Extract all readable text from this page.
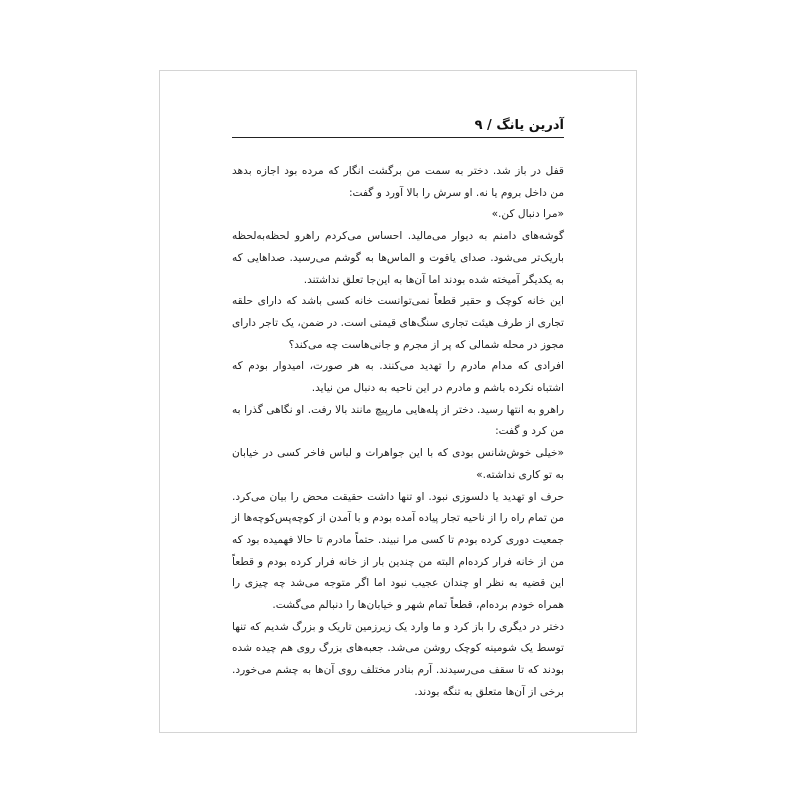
آدرین یانگ / ۹

قفل در باز شد. دختر به سمت من برگشت انگار که مرده بود اجازه بدهد من داخل بروم یا نه. او سرش را بالا آورد و گفت:

«مرا دنبال کن.»

گوشه‌های دامنم به دیوار می‌مالید. احساس می‌کردم راهرو لحظه‌به‌لحظه باریک‌تر می‌شود. صدای یاقوت و الماس‌ها به گوشم می‌رسید. صداهایی که به یکدیگر آمیخته شده بودند اما آن‌ها به این‌جا تعلق نداشتند.

این خانه کوچک و حقیر قطعاً نمی‌توانست خانه کسی باشد که دارای حلقه تجاری از طرف هیئت تجاری سنگ‌های قیمتی است. در ضمن، یک تاجر دارای مجوز در محله شمالی که پر از مجرم و جانی‌هاست چه می‌کند؟

افرادی که مدام مادرم را تهدید می‌کنند. به هر صورت، امیدوار بودم که اشتباه نکرده باشم و مادرم در این ناحیه به دنبال من نیاید.

راهرو به انتها رسید. دختر از پله‌هایی مارپیچ مانند بالا رفت. او نگاهی گذرا به من کرد و گفت:

«خیلی خوش‌شانس بودی که با این جواهرات و لباس فاخر کسی در خیابان به تو کاری نداشته.»

حرف او تهدید یا دلسوزی نبود. او تنها داشت حقیقت محض را بیان می‌کرد. من تمام راه را از ناحیه تجار پیاده آمده بودم و با آمدن از کوچه‌پس‌کوچه‌ها از جمعیت دوری کرده بودم تا کسی مرا نبیند. حتماً مادرم تا حالا فهمیده بود که من از خانه فرار کرده‌ام البته من چندین بار از خانه فرار کرده بودم و قطعاً این قضیه به نظر او چندان عجیب نبود اما اگر متوجه می‌شد چه چیزی را همراه خودم برده‌ام، قطعاً تمام شهر و خیابان‌ها را دنبالم می‌گشت.

دختر در دیگری را باز کرد و ما وارد یک زیرزمین تاریک و بزرگ شدیم که تنها توسط یک شومینه کوچک روشن می‌شد. جعبه‌های بزرگ روی هم چیده شده بودند که تا سقف می‌رسیدند. آرم بنادر مختلف روی آن‌ها به چشم می‌خورد. برخی از آن‌ها متعلق به تنگه بودند.
